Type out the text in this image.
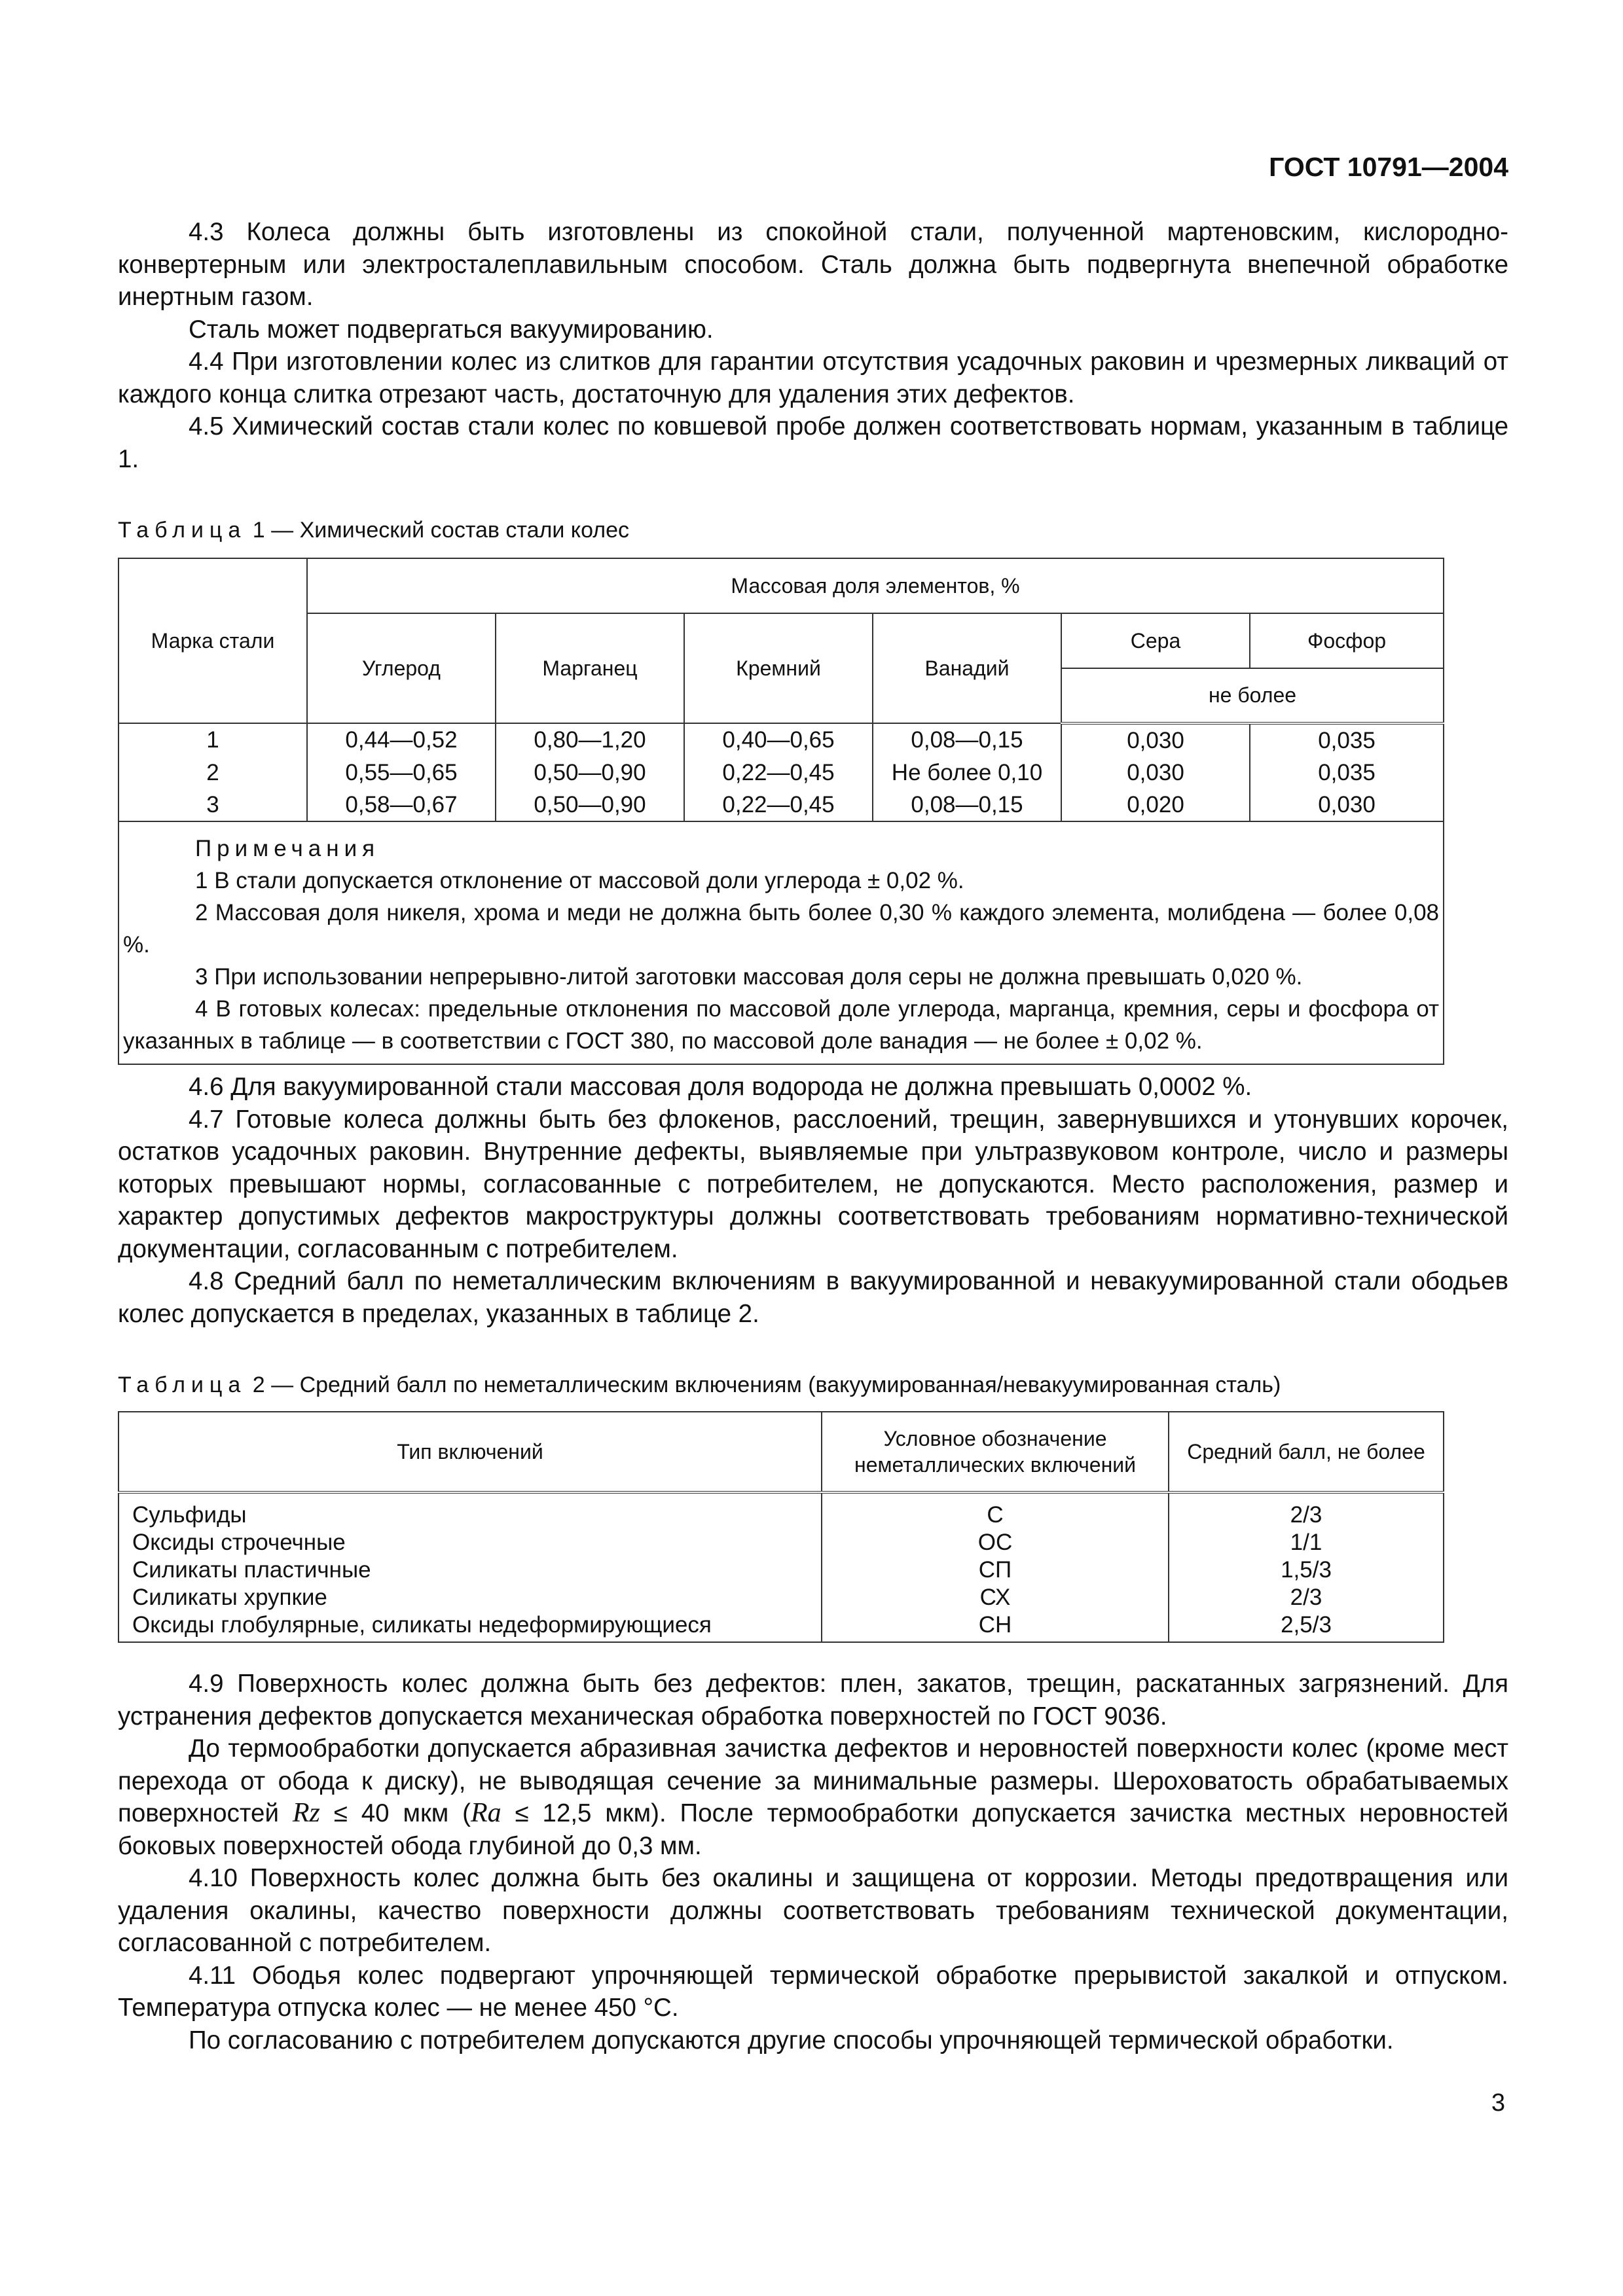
ГОСТ 10791—2004

4.3 Колеса должны быть изготовлены из спокойной стали, полученной мартеновским, кислородно-конвертерным или электросталеплавильным способом. Сталь должна быть подвергнута внепечной обработке инертным газом.

Сталь может подвергаться вакуумированию.

4.4 При изготовлении колес из слитков для гарантии отсутствия усадочных раковин и чрезмерных ликваций от каждого конца слитка отрезают часть, достаточную для удаления этих дефектов.

4.5 Химический состав стали колес по ковшевой пробе должен соответствовать нормам, указанным в таблице 1.

Таблица 1 — Химический состав стали колес
Марка стали	Массовая доля элементов, %					
	Углерод	Марганец	Кремний	Ванадий	Сера	Фосфор
					не более	
1	0,44—0,52	0,80—1,20	0,40—0,65	0,08—0,15	0,030	0,035
2	0,55—0,65	0,50—0,90	0,22—0,45	Не более 0,10	0,030	0,035
3	0,58—0,67	0,50—0,90	0,22—0,45	0,08—0,15	0,020	0,030

Примечания

1 В стали допускается отклонение от массовой доли углерода ± 0,02 %.

2 Массовая доля никеля, хрома и меди не должна быть более 0,30 % каждого элемента, молибдена — более 0,08 %.

3 При использовании непрерывно-литой заготовки массовая доля серы не должна превышать 0,020 %.

4 В готовых колесах: предельные отклонения по массовой доле углерода, марганца, кремния, серы и фосфора от указанных в таблице — в соответствии с ГОСТ 380, по массовой доле ванадия — не более ± 0,02 %.						

4.6 Для вакуумированной стали массовая доля водорода не должна превышать 0,0002 %.

4.7 Готовые колеса должны быть без флокенов, расслоений, трещин, завернувшихся и утонувших корочек, остатков усадочных раковин. Внутренние дефекты, выявляемые при ультразвуковом контроле, число и размеры которых превышают нормы, согласованные с потребителем, не допускаются. Место расположения, размер и характер допустимых дефектов макроструктуры должны соответствовать требованиям нормативно-технической документации, согласованным с потребителем.

4.8 Средний балл по неметаллическим включениям в вакуумированной и невакуумированной стали ободьев колес допускается в пределах, указанных в таблице 2.

Таблица 2 — Средний балл по неметаллическим включениям (вакуумированная/невакуумированная сталь)
Тип включений	Условное обозначение неметаллических включений	Средний балл, не более
Сульфиды	С	2/3
Оксиды строчечные	ОС	1/1
Силикаты пластичные	СП	1,5/3
Силикаты хрупкие	СХ	2/3
Оксиды глобулярные, силикаты недеформирующиеся	СН	2,5/3

4.9 Поверхность колес должна быть без дефектов: плен, закатов, трещин, раскатанных загрязнений. Для устранения дефектов допускается механическая обработка поверхностей по ГОСТ 9036.

До термообработки допускается абразивная зачистка дефектов и неровностей поверхности колес (кроме мест перехода от обода к диску), не выводящая сечение за минимальные размеры. Шероховатость обрабатываемых поверхностей Rz ≤ 40 мкм (Ra ≤ 12,5 мкм). После термообработки допускается зачистка местных неровностей боковых поверхностей обода глубиной до 0,3 мм.

4.10 Поверхность колес должна быть без окалины и защищена от коррозии. Методы предотвращения или удаления окалины, качество поверхности должны соответствовать требованиям технической документации, согласованной с потребителем.

4.11 Ободья колес подвергают упрочняющей термической обработке прерывистой закалкой и отпуском. Температура отпуска колес — не менее 450 °С.

По согласованию с потребителем допускаются другие способы упрочняющей термической обработки.

3
